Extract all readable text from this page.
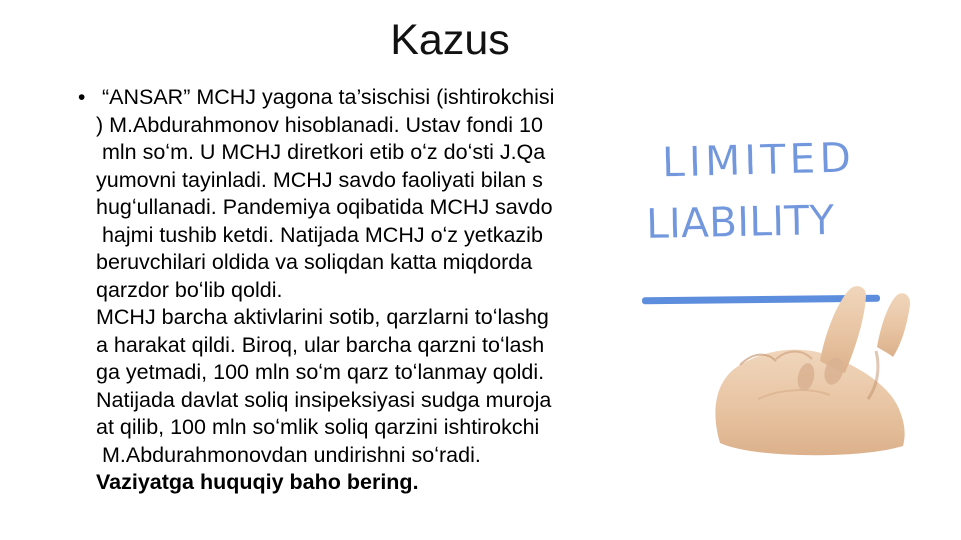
Kazus
• “ANSAR” MCHJ yagona ta’sischisi (ishtirokchisi
) M.Abdurahmonov hisoblanadi. Ustav fondi 10
mln soʻm. U MCHJ diretkori etib oʻz doʻsti J.Qa
yumovni tayinladi. MCHJ savdo faoliyati bilan s
hugʻullanadi. Pandemiya oqibatida MCHJ savdo
hajmi tushib ketdi. Natijada MCHJ oʻz yetkazib
beruvchilari oldida va soliqdan katta miqdorda
qarzdor boʻlib qoldi.
MCHJ barcha aktivlarini sotib, qarzlarni toʻlashg
a harakat qildi. Biroq, ular barcha qarzni toʻlash
ga yetmadi, 100 mln soʻm qarz toʻlanmay qoldi.
Natijada davlat soliq insipeksiyasi sudga muroja
at qilib, 100 mln soʻmlik soliq qarzini ishtirokchi
M.Abdurahmonovdan undirishni soʻradi.
Vaziyatga huquqiy baho bering.
LIMITED
LIABILITY
